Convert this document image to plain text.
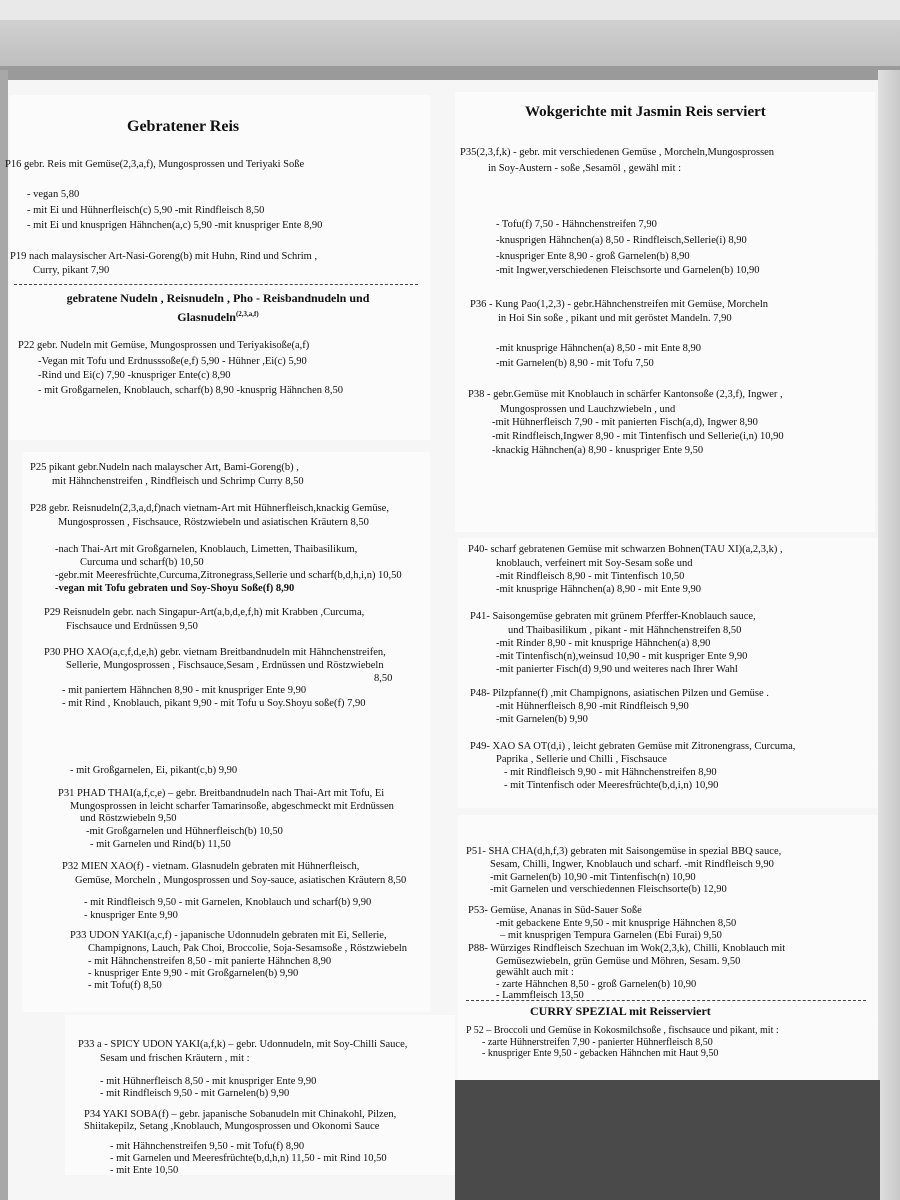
Gebratener Reis
Wokgerichte mit Jasmin Reis serviert
gebratene Nudeln , Reisnudeln , Pho - Reisbandnudeln und Glasnudeln$^{(2,3,a,f)}$
CURRY SPEZIAL mit Reisserviert
P16 gebr. Reis mit Gemüse(2,3,a,f), Mungosprossen und Teriyaki Soße
- vegan 5,80
- mit Ei und Hühnerfleisch(c) 5,90 -mit Rindfleisch 8,50
- mit Ei und knusprigen Hähnchen(a,c) 5,90 -mit knuspriger Ente 8,90
P19 nach malaysischer Art-Nasi-Goreng(b) mit Huhn, Rind und Schrim ,
Curry, pikant 7,90
P22 gebr. Nudeln mit Gemüse, Mungosprossen und Teriyakisoße(a,f)
-Vegan mit Tofu und Erdnusssoße(e,f) 5,90 - Hühner ,Ei(c) 5,90
-Rind und Ei(c) 7,90 -knuspriger Ente(c) 8,90
- mit Großgarnelen, Knoblauch, scharf(b) 8,90 -knusprig Hähnchen 8,50
P25 pikant gebr.Nudeln nach malayscher Art, Bami-Goreng(b) ,
mit Hähnchenstreifen , Rindfleisch und Schrimp Curry 8,50
P28 gebr. Reisnudeln(2,3,a,d,f)nach vietnam-Art mit Hühnerfleisch,knackig Gemüse,
Mungosprossen , Fischsauce, Röstzwiebeln und asiatischen Kräutern 8,50
-nach Thai-Art mit Großgarnelen, Knoblauch, Limetten, Thaibasilikum,
Curcuma und scharf(b) 10,50
-gebr.mit Meeresfrüchte,Curcuma,Zitronegrass,Sellerie und scharf(b,d,h,i,n) 10,50
-vegan mit Tofu gebraten und Soy-Shoyu Soße(f) 8,90
P29 Reisnudeln gebr. nach Singapur-Art(a,b,d,e,f,h) mit Krabben ,Curcuma,
Fischsauce und Erdnüssen 9,50
P30 PHO XAO(a,c,f,d,e,h) gebr. vietnam Breitbandnudeln mit Hähnchenstreifen,
Sellerie, Mungosprossen , Fischsauce,Sesam , Erdnüssen und Röstzwiebeln
8,50
- mit paniertem Hähnchen 8,90 - mit knuspriger Ente 9,90
- mit Rind , Knoblauch, pikant 9,90 - mit Tofu u Soy.Shoyu soße(f) 7,90
- mit Großgarnelen, Ei, pikant(c,b) 9,90
P31 PHAD THAI(a,f,c,e) – gebr. Breitbandnudeln nach Thai-Art mit Tofu, Ei
Mungosprossen in leicht scharfer Tamarinsoße, abgeschmeckt mit Erdnüssen
und Röstzwiebeln 9,50
-mit Großgarnelen und Hühnerfleisch(b) 10,50
- mit Garnelen und Rind(b) 11,50
P32 MIEN XAO(f) - vietnam. Glasnudeln gebraten mit Hühnerfleisch,
Gemüse, Morcheln , Mungosprossen und Soy-sauce, asiatischen Kräutern 8,50
- mit Rindfleisch 9,50 - mit Garnelen, Knoblauch und scharf(b) 9,90
- knuspriger Ente 9,90
P33 UDON YAKI(a,c,f) - japanische Udonnudeln gebraten mit Ei, Sellerie,
Champignons, Lauch, Pak Choi, Broccolie, Soja-Sesamsoße , Röstzwiebeln
- mit Hähnchenstreifen 8,50 - mit panierte Hähnchen 8,90
- knuspriger Ente 9,90 - mit Großgarnelen(b) 9,90
- mit Tofu(f) 8,50
P33 a - SPICY UDON YAKI(a,f,k) – gebr. Udonnudeln, mit Soy-Chilli Sauce,
Sesam und frischen Kräutern , mit :
- mit Hühnerfleisch 8,50 - mit knuspriger Ente 9,90
- mit Rindfleisch 9,50 - mit Garnelen(b) 9,90
P34 YAKI SOBA(f) – gebr. japanische Sobanudeln mit Chinakohl, Pilzen,
Shiitakepilz, Setang ,Knoblauch, Mungosprossen und Okonomi Sauce
- mit Hähnchenstreifen 9,50 - mit Tofu(f) 8,90
- mit Garnelen und Meeresfrüchte(b,d,h,n) 11,50 - mit Rind 10,50
- mit Ente 10,50
P35(2,3,f,k) - gebr. mit verschiedenen Gemüse , Morcheln,Mungosprossen
in Soy-Austern - soße ,Sesamöl , gewähl mit :
- Tofu(f) 7,50 - Hähnchenstreifen 7,90
-knusprigen Hähnchen(a) 8,50 - Rindfleisch,Sellerie(i) 8,90
-knuspriger Ente 8,90 - groß Garnelen(b) 8,90
-mit Ingwer,verschiedenen Fleischsorte und Garnelen(b) 10,90
P36 - Kung Pao(1,2,3) - gebr.Hähnchenstreifen mit Gemüse, Morcheln
in Hoi Sin soße , pikant und mit geröstet Mandeln. 7,90
-mit knusprige Hähnchen(a) 8,50 - mit Ente 8,90
-mit Garnelen(b) 8,90 - mit Tofu 7,50
P38 - gebr.Gemüse mit Knoblauch in schärfer Kantonsoße (2,3,f), Ingwer ,
Mungosprossen und Lauchzwiebeln , und
-mit Hühnerfleisch 7,90 - mit panierten Fisch(a,d), Ingwer 8,90
-mit Rindfleisch,Ingwer 8,90 - mit Tintenfisch und Sellerie(i,n) 10,90
-knackig Hähnchen(a) 8,90 - knuspriger Ente 9,50
P40- scharf gebratenen Gemüse mit schwarzen Bohnen(TAU XI)(a,2,3,k) ,
knoblauch, verfeinert mit Soy-Sesam soße und
-mit Rindfleisch 8,90 - mit Tintenfisch 10,50
-mit knusprige Hähnchen(a) 8,90 - mit Ente 9,90
P41- Saisongemüse gebraten mit grünem Pferffer-Knoblauch sauce,
und Thaibasilikum , pikant - mit Hähnchenstreifen 8,50
-mit Rinder 8,90 - mit knusprige Hähnchen(a) 8,90
-mit Tintenfisch(n),weinsud 10,90 - mit kuspriger Ente 9,90
-mit panierter Fisch(d) 9,90 und weiteres nach Ihrer Wahl
P48- Pilzpfanne(f) ,mit Champignons, asiatischen Pilzen und Gemüse .
-mit Hühnerfleisch 8,90 -mit Rindfleisch 9,90
-mit Garnelen(b) 9,90
P49- XAO SA OT(d,i) , leicht gebraten Gemüse mit Zitronengrass, Curcuma,
Paprika , Sellerie und Chilli , Fischsauce
- mit Rindfleisch 9,90 - mit Hähnchenstreifen 8,90
- mit Tintenfisch oder Meeresfrüchte(b,d,i,n) 10,90
P51- SHA CHA(d,h,f,3) gebraten mit Saisongemüse in spezial BBQ sauce,
Sesam, Chilli, Ingwer, Knoblauch und scharf. -mit Rindfleisch 9,90
-mit Garnelen(b) 10,90 -mit Tintenfisch(n) 10,90
-mit Garnelen und verschiedennen Fleischsorte(b) 12,90
P53- Gemüse, Ananas in Süd-Sauer Soße
-mit gebackene Ente 9,50 - mit knusprige Hähnchen 8,50
– mit knusprigen Tempura Garnelen (Ebi Furai) 9,50
P88- Würziges Rindfleisch Szechuan im Wok(2,3,k), Chilli, Knoblauch mit
Gemüsezwiebeln, grün Gemüse und Möhren, Sesam. 9,50
gewählt auch mit :
- zarte Hähnchen 8,50 - groß Garnelen(b) 10,90
- Lammfleisch 13,50
P 52 – Broccoli und Gemüse in Kokosmilchsoße , fischsauce und pikant, mit :
- zarte Hühnerstreifen 7,90 - panierter Hühnerfleisch 8,50
- knuspriger Ente 9,50 - gebacken Hähnchen mit Haut 9,50
